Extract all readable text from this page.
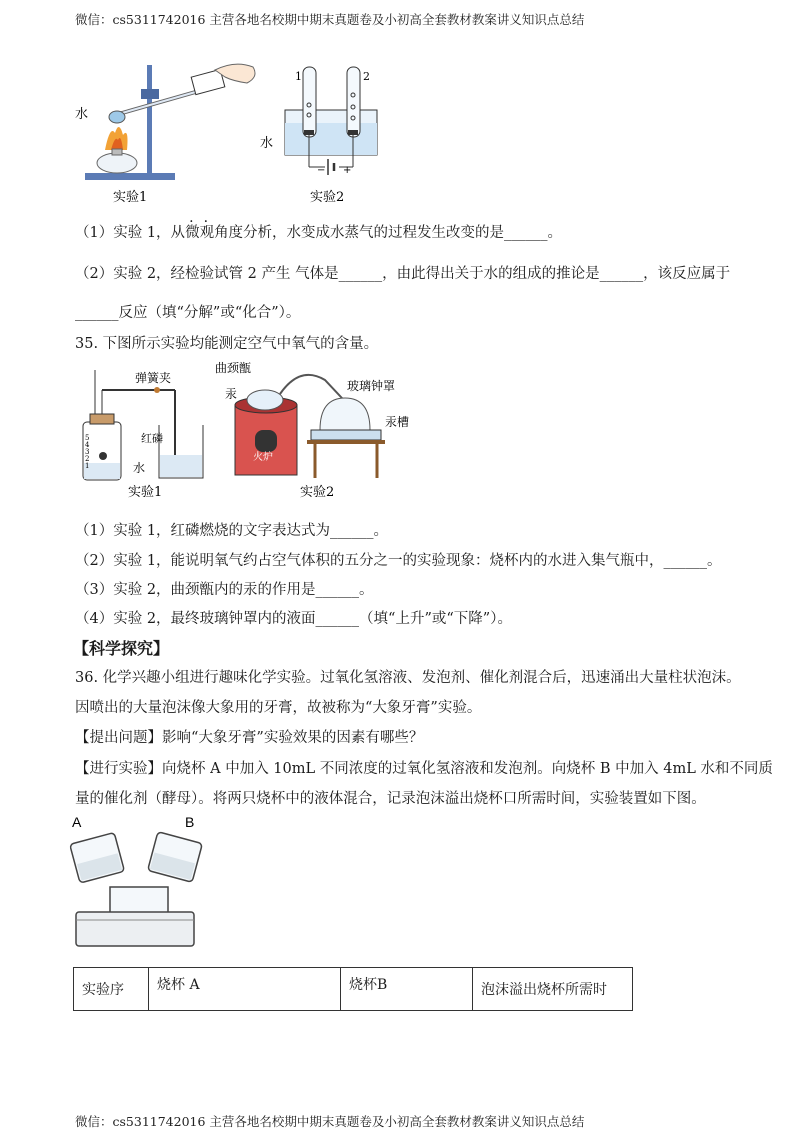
微信：cs5311742016 主营各地名校期中期末真题卷及小初高全套教材教案讲义知识点总结
水
实验1
− +
1	2
水
实验2
（1）实验 1，从微观角度分析，水变成水蒸气的过程发生改变的是______。
（2）实验 2，经检验试管 2 产生 气体是______，由此得出关于水的组成的推论是______，该反应属于
______反应（填“分解”或“化合”）。
35. 下图所示实验均能测定空气中氧气的含量。
5
4
3
2
1
弹簧夹
红磷
水
实验1
曲颈甑
汞
玻璃钟罩
汞槽
火炉
实验2
（1）实验 1，红磷燃烧的文字表达式为______。
（2）实验 1，能说明氧气约占空气体积的五分之一的实验现象：烧杯内的水进入集气瓶中，______。
（3）实验 2，曲颈甑内的汞的作用是______。
（4）实验 2，最终玻璃钟罩内的液面______（填“上升”或“下降”）。
【科学探究】
36. 化学兴趣小组进行趣味化学实验。过氧化氢溶液、发泡剂、催化剂混合后，迅速涌出大量柱状泡沫。
因喷出的大量泡沫像大象用的牙膏，故被称为“大象牙膏”实验。
【提出问题】影响“大象牙膏”实验效果的因素有哪些？
【进行实验】向烧杯 A 中加入 10mL 不同浓度的过氧化氢溶液和发泡剂。向烧杯 B 中加入 4mL 水和不同质
量的催化剂（酵母）。将两只烧杯中的液体混合，记录泡沫溢出烧杯口所需时间，实验装置如下图。
A	B
实验序	烧杯 A	烧杯B	泡沫溢出烧杯所需时
微信：cs5311742016 主营各地名校期中期末真题卷及小初高全套教材教案讲义知识点总结
